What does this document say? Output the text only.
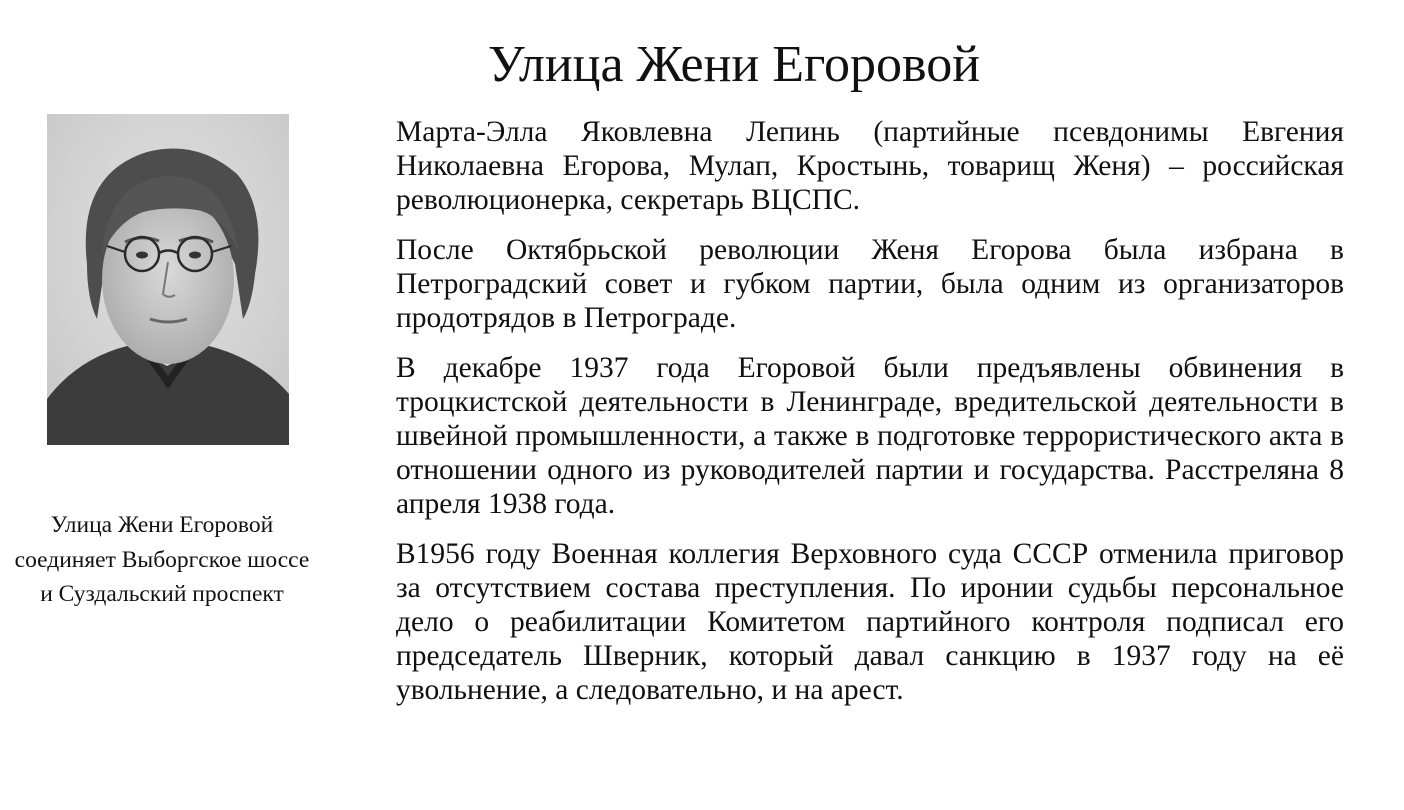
Улица Жени Егоровой
Улица Жени Егоровой соединяет Выборгское шоссе и Суздальский проспект

Марта-Элла Яковлевна Лепинь (партийные псевдонимы Евгения Николаевна Егорова, Мулап, Кростынь, товарищ Женя) – российская революционерка, секретарь ВЦСПС.

После Октябрьской революции Женя Егорова была избрана в Петроградский совет и губком партии, была одним из организаторов продотрядов в Петрограде.

В декабре 1937 года Егоровой были предъявлены обвинения в троцкистской деятельности в Ленинграде, вредительской деятельности в швейной промышленности, а также в подготовке террористического акта в отношении одного из руководителей партии и государства. Расстреляна 8 апреля 1938 года.

В1956 году Военная коллегия Верховного суда СССР отменила приговор за отсутствием состава преступления. По иронии судьбы персональное дело о реабилитации Комитетом партийного контроля подписал его председатель Шверник, который давал санкцию в 1937 году на её увольнение, а следовательно, и на арест.
